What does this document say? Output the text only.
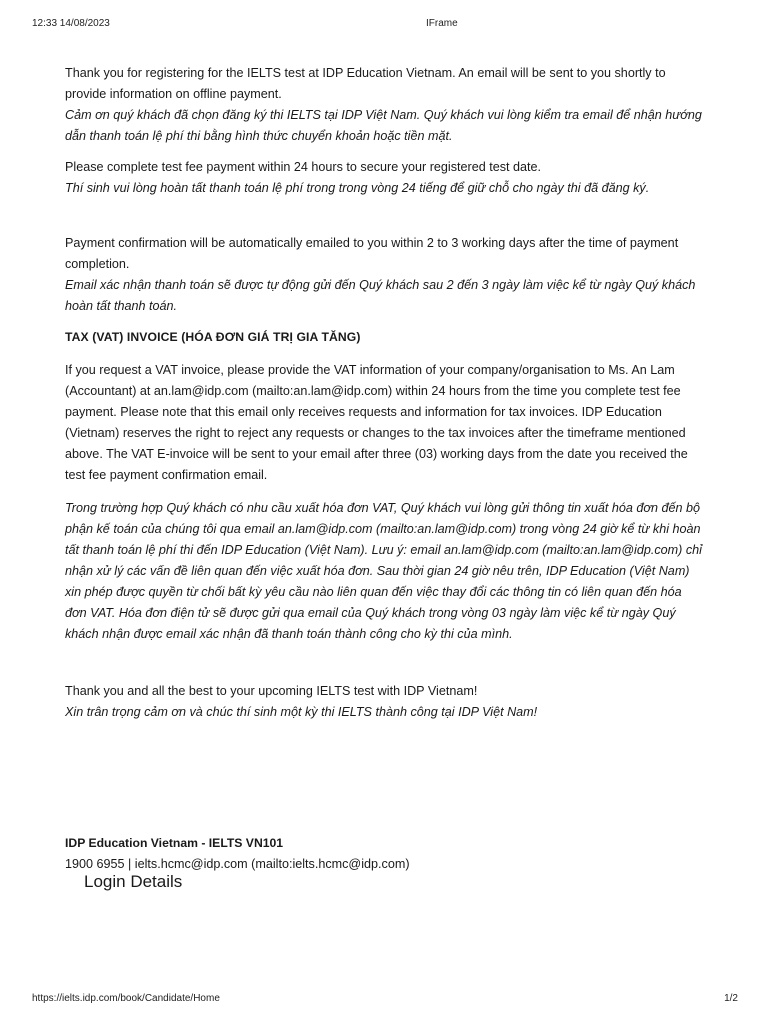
12:33 14/08/2023	IFrame

Thank you for registering for the IELTS test at IDP Education Vietnam. An email will be sent to you shortly to provide information on offline payment.

Cảm ơn quý khách đã chọn đăng ký thi IELTS tại IDP Việt Nam. Quý khách vui lòng kiểm tra email để nhận hướng dẫn thanh toán lệ phí thi bằng hình thức chuyển khoản hoặc tiền mặt.

Please complete test fee payment within 24 hours to secure your registered test date.

Thí sinh vui lòng hoàn tất thanh toán lệ phí trong trong vòng 24 tiếng để giữ chỗ cho ngày thi đã đăng ký.

Payment confirmation will be automatically emailed to you within 2 to 3 working days after the time of payment completion.

Email xác nhận thanh toán sẽ được tự động gửi đến Quý khách sau 2 đến 3 ngày làm việc kể từ ngày Quý khách hoàn tất thanh toán.

TAX (VAT) INVOICE (HÓA ĐƠN GIÁ TRỊ GIA TĂNG)

If you request a VAT invoice, please provide the VAT information of your company/organisation to Ms. An Lam (Accountant) at an.lam@idp.com (mailto:an.lam@idp.com) within 24 hours from the time you complete test fee payment. Please note that this email only receives requests and information for tax invoices. IDP Education (Vietnam) reserves the right to reject any requests or changes to the tax invoices after the timeframe mentioned above. The VAT E-invoice will be sent to your email after three (03) working days from the date you received the test fee payment confirmation email.

Trong trường hợp Quý khách có nhu cầu xuất hóa đơn VAT, Quý khách vui lòng gửi thông tin xuất hóa đơn đến bộ phận kế toán của chúng tôi qua email an.lam@idp.com (mailto:an.lam@idp.com) trong vòng 24 giờ kể từ khi hoàn tất thanh toán lệ phí thi đến IDP Education (Việt Nam). Lưu ý: email an.lam@idp.com (mailto:an.lam@idp.com) chỉ nhận xử lý các vấn đề liên quan đến việc xuất hóa đơn. Sau thời gian 24 giờ nêu trên, IDP Education (Việt Nam) xin phép được quyền từ chối bất kỳ yêu cầu nào liên quan đến việc thay đổi các thông tin có liên quan đến hóa đơn VAT. Hóa đơn điện tử sẽ được gửi qua email của Quý khách trong vòng 03 ngày làm việc kể từ ngày Quý khách nhận được email xác nhận đã thanh toán thành công cho kỳ thi của mình.

Thank you and all the best to your upcoming IELTS test with IDP Vietnam!

Xin trân trọng cảm ơn và chúc thí sinh một kỳ thi IELTS thành công tại IDP Việt Nam!

IDP Education Vietnam - IELTS VN101

1900 6955 | ielts.hcmc@idp.com (mailto:ielts.hcmc@idp.com)

Login Details
https://ielts.idp.com/book/Candidate/Home	1/2
